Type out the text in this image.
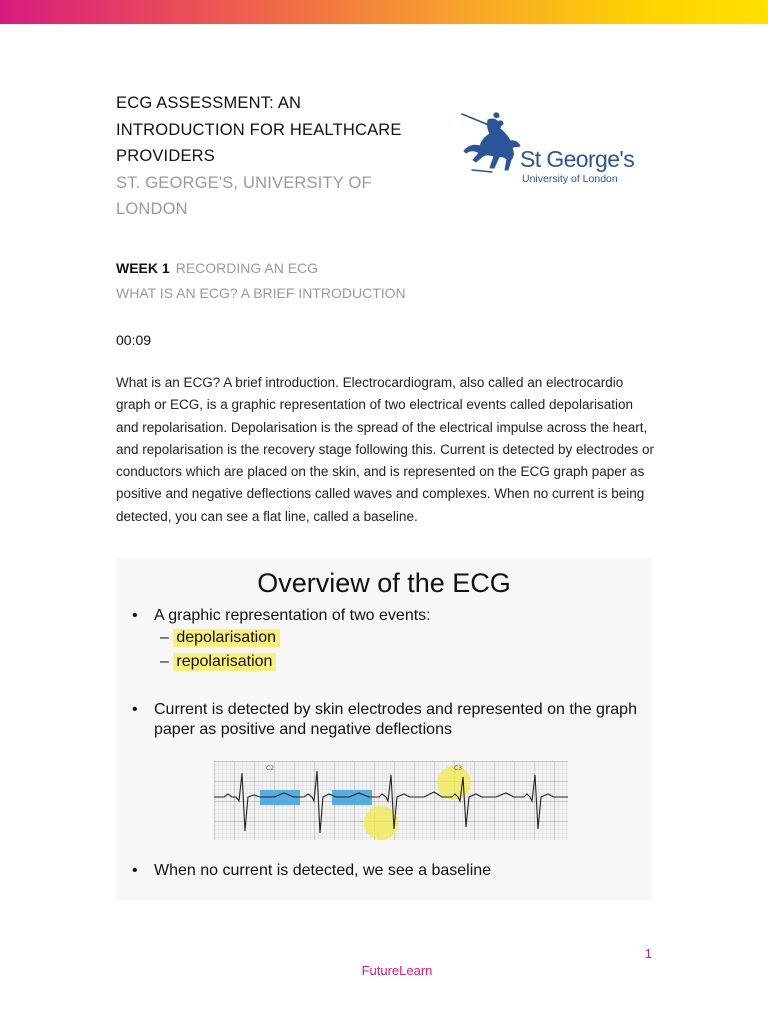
ECG ASSESSMENT: AN
INTRODUCTION FOR HEALTHCARE
PROVIDERS
ST. GEORGE'S, UNIVERSITY OF
LONDON
St George's
University of London
WEEK 1 RECORDING AN ECG
WHAT IS AN ECG? A BRIEF INTRODUCTION
00:09

What is an ECG? A brief introduction. Electrocardiogram, also called an electrocardio graph or ECG, is a graphic representation of two electrical events called depolarisation and repolarisation. Depolarisation is the spread of the electrical impulse across the heart, and repolarisation is the recovery stage following this. Current is detected by electrodes or conductors which are placed on the skin, and is represented on the ECG graph paper as positive and negative deflections called waves and complexes. When no current is being detected, you can see a flat line, called a baseline.

Overview of the ECG
• A graphic representation of two events:
– depolarisation
– repolarisation
• Current is detected by skin electrodes and represented on the graph paper as positive and negative deflections
C2	C3
• When no current is detected, we see a baseline
1
FutureLearn
